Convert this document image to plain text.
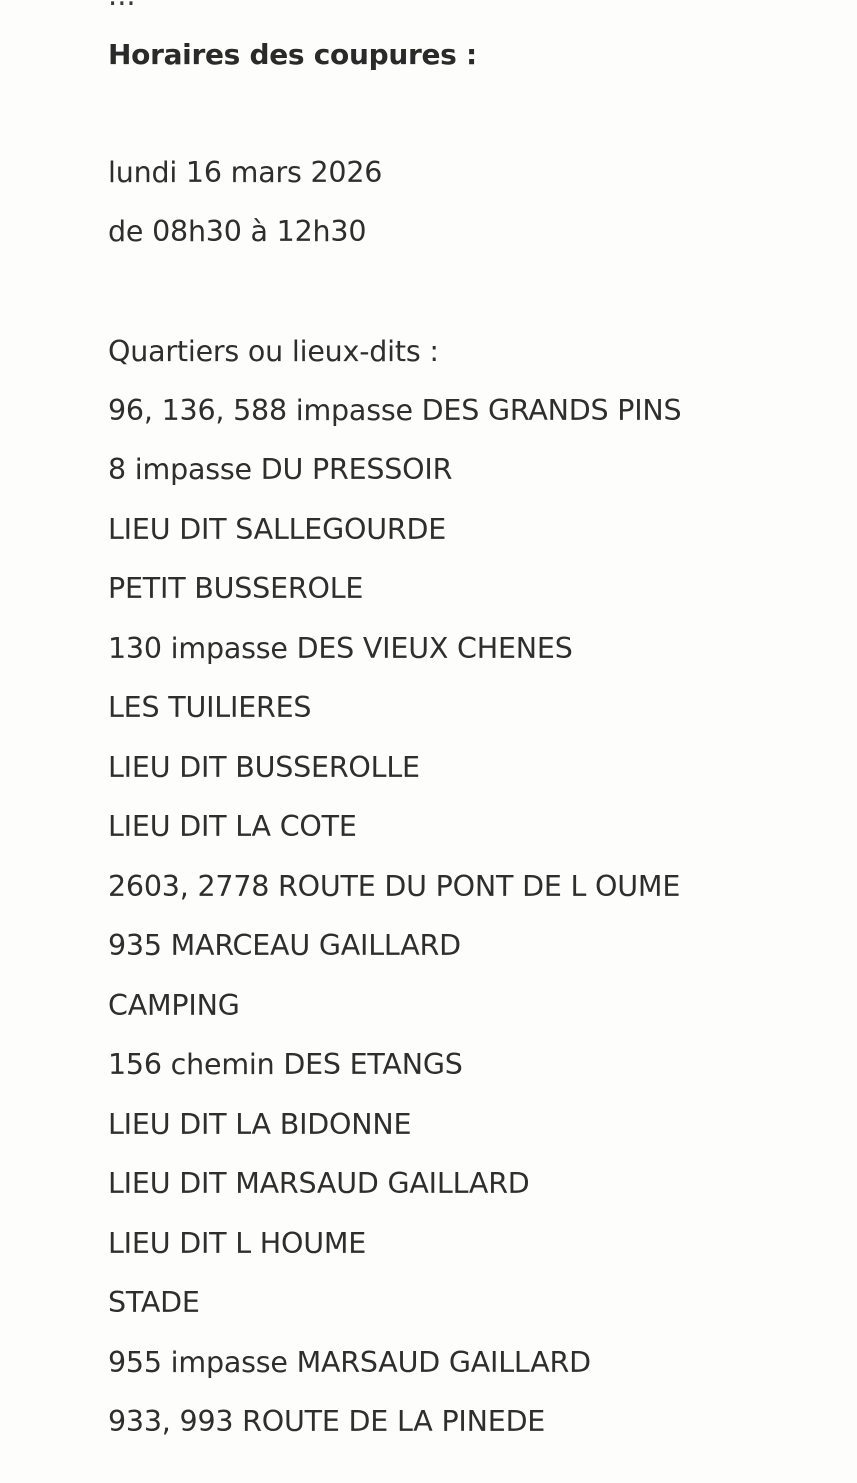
Horaires des coupures :
lundi 16 mars 2026
de 08h30 à 12h30
Quartiers ou lieux-dits :
96, 136, 588 impasse DES GRANDS PINS
8 impasse DU PRESSOIR
LIEU DIT SALLEGOURDE
PETIT BUSSEROLE
130 impasse DES VIEUX CHENES
LES TUILIERES
LIEU DIT BUSSEROLLE
LIEU DIT LA COTE
2603, 2778 ROUTE DU PONT DE L OUME
935 MARCEAU GAILLARD
CAMPING
156 chemin DES ETANGS
LIEU DIT LA BIDONNE
LIEU DIT MARSAUD GAILLARD
LIEU DIT L HOUME
STADE
955 impasse MARSAUD GAILLARD
933, 993 ROUTE DE LA PINEDE
